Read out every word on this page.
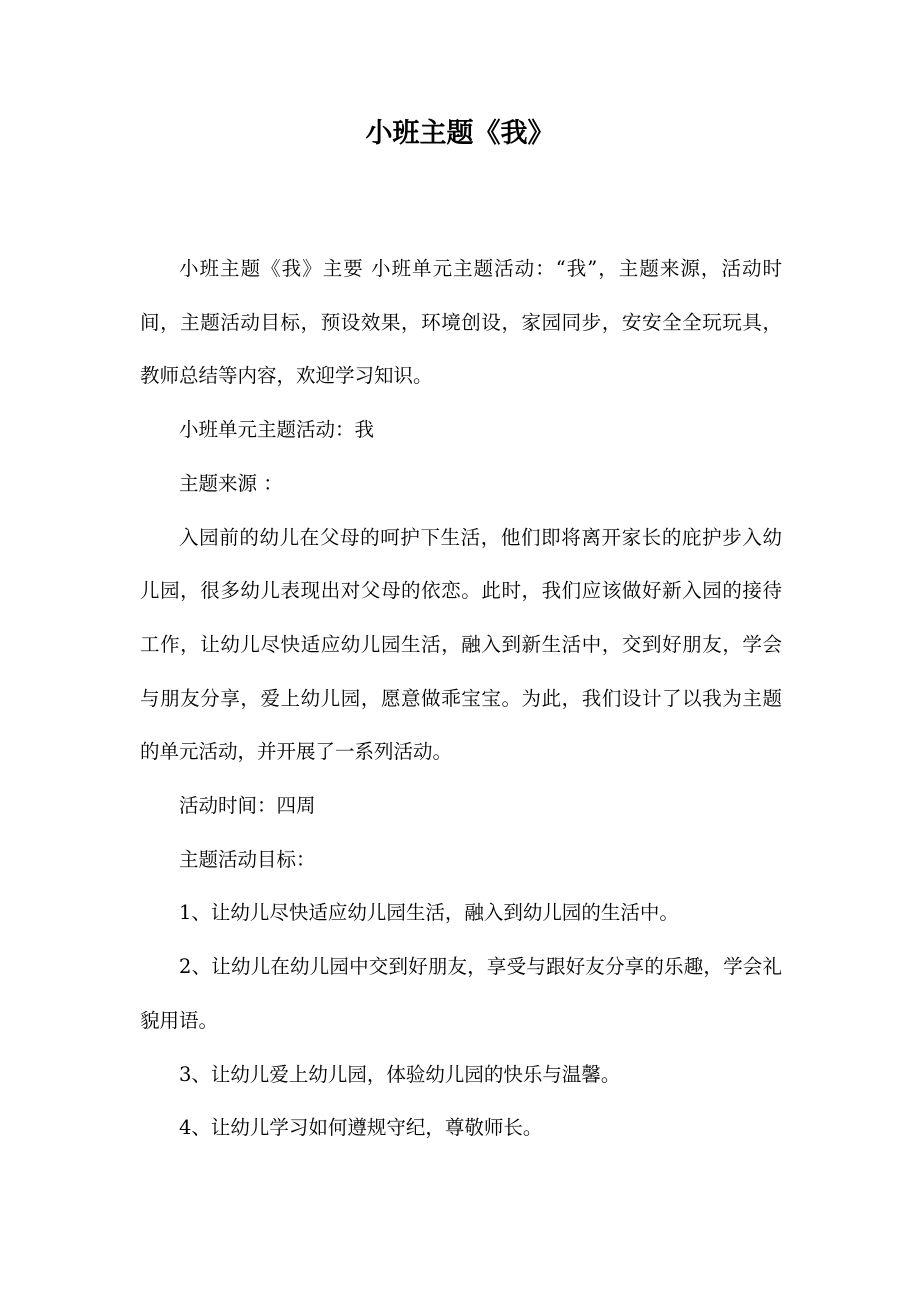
小班主题《我》

小班主题《我》主要 小班单元主题活动：“我”，主题来源，活动时间，主题活动目标，预设效果，环境创设，家园同步，安安全全玩玩具，教师总结等内容，欢迎学习知识。

小班单元主题活动：我

主题来源 ：

入园前的幼儿在父母的呵护下生活，他们即将离开家长的庇护步入幼儿园，很多幼儿表现出对父母的依恋。此时，我们应该做好新入园的接待工作，让幼儿尽快适应幼儿园生活，融入到新生活中，交到好朋友，学会与朋友分享，爱上幼儿园，愿意做乖宝宝。为此，我们设计了以我为主题的单元活动，并开展了一系列活动。

活动时间：四周

主题活动目标：

1、让幼儿尽快适应幼儿园生活，融入到幼儿园的生活中。

2、让幼儿在幼儿园中交到好朋友，享受与跟好友分享的乐趣，学会礼貌用语。

3、让幼儿爱上幼儿园，体验幼儿园的快乐与温馨。

4、让幼儿学习如何遵规守纪，尊敬师长。
